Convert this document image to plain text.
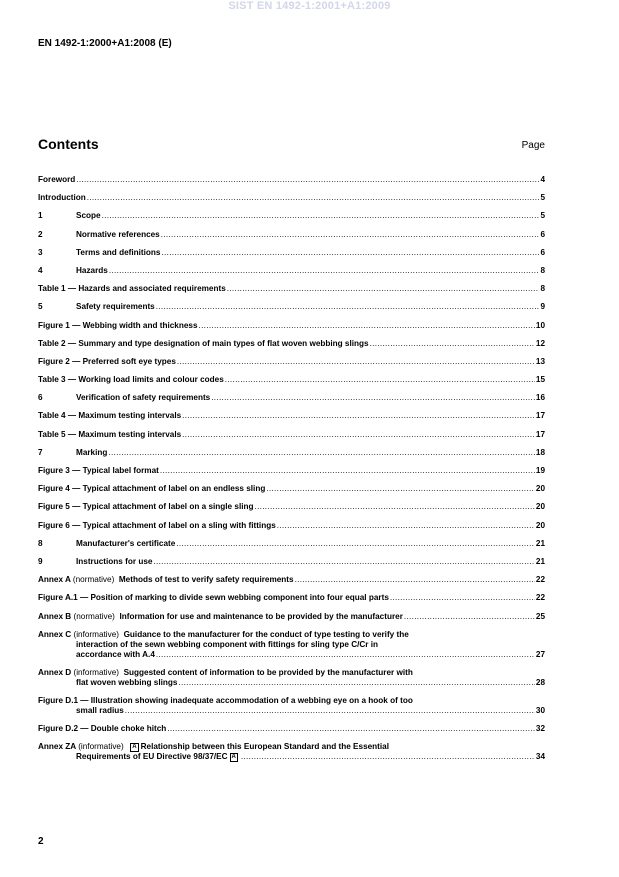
SIST EN 1492-1:2001+A1:2009
EN 1492-1:2000+A1:2008 (E)
Contents	Page
Foreword .....	4
Introduction .....	5
1	Scope .....	5
2	Normative references .....	6
3	Terms and definitions .....	6
4	Hazards .....	8
Table 1 — Hazards and associated requirements .....	8
5	Safety requirements .....	9
Figure 1 — Webbing width and thickness .....	10
Table 2 — Summary and type designation of main types of flat woven webbing slings .....	12
Figure 2 — Preferred soft eye types .....	13
Table 3 — Working load limits and colour codes .....	15
6	Verification of safety requirements .....	16
Table 4 — Maximum testing intervals .....	17
Table 5 — Maximum testing intervals .....	17
7	Marking .....	18
Figure 3 — Typical label format .....	19
Figure 4 — Typical attachment of label on an endless sling .....	20
Figure 5 — Typical attachment of label on a single sling .....	20
Figure 6 — Typical attachment of label on a sling with fittings .....	20
8	Manufacturer's certificate .....	21
9	Instructions for use .....	21
Annex A (normative) Methods of test to verify safety requirements .....	22
Figure A.1 — Position of marking to divide sewn webbing component into four equal parts .....	22
Annex B (normative) Information for use and maintenance to be provided by the manufacturer .....	25
Annex C (informative) Guidance to the manufacturer for the conduct of type testing to verify the
interaction of the sewn webbing component with fittings for sling type C/Cr in
accordance with A.4 .....	27
Annex D (informative) Suggested content of information to be provided by the manufacturer with
flat woven webbing slings .....	28
Figure D.1 — Illustration showing inadequate accommodation of a webbing eye on a hook of too
small radius .....	30
Figure D.2 — Double choke hitch .....	32
Annex ZA (informative) A Relationship between this European Standard and the Essential
Requirements of EU Directive 98/37/EC A .....	34
2
